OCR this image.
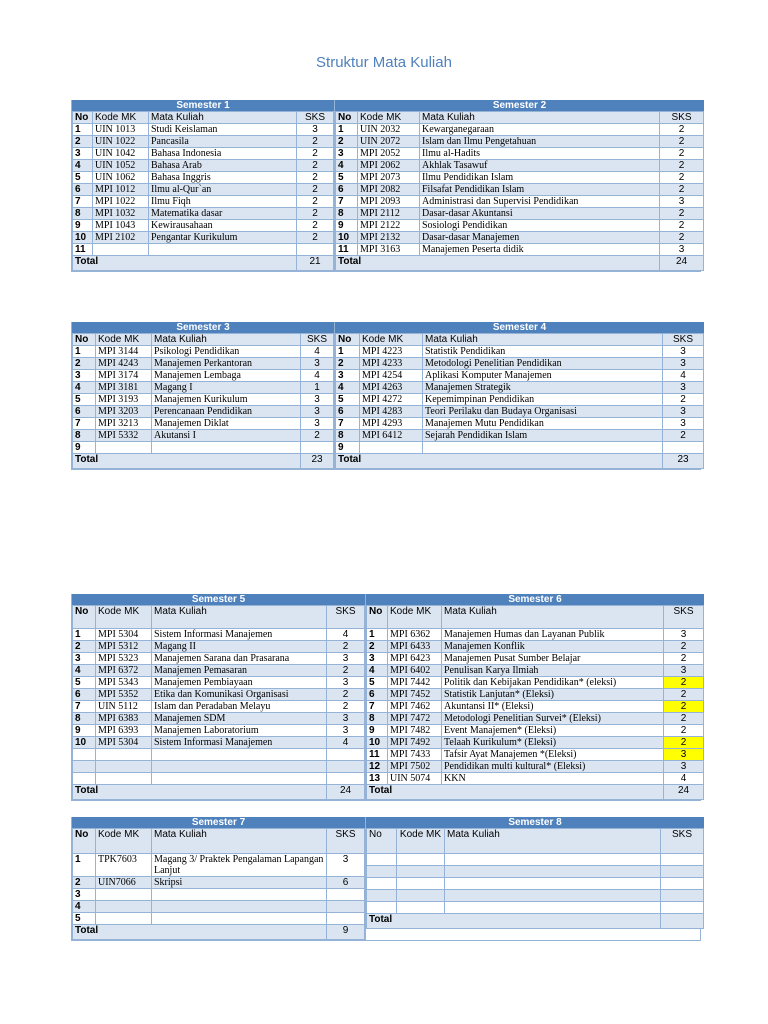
Struktur Mata Kuliah
Semester 1
No	Kode MK	Mata Kuliah	SKS
1	UIN 1013	Studi Keislaman	3
2	UIN 1022	Pancasila	2
3	UIN 1042	Bahasa Indonesia	2
4	UIN 1052	Bahasa Arab	2
5	UIN 1062	Bahasa Inggris	2
6	MPI 1012	Ilmu al-Qur`an	2
7	MPI 1022	Ilmu Fiqh	2
8	MPI 1032	Matematika dasar	2
9	MPI 1043	Kewirausahaan	2
10	MPI 2102	Pengantar Kurikulum	2
11			
Total			21
Semester 2
No	Kode MK	Mata Kuliah	SKS
1	UIN 2032	Kewarganegaraan	2
2	UIN 2072	Islam dan Ilmu Pengetahuan	2
3	MPI 2052	Ilmu al-Hadits	2
4	MPI 2062	Akhlak Tasawuf	2
5	MPI 2073	Ilmu Pendidikan Islam	2
6	MPI 2082	Filsafat Pendidikan Islam	2
7	MPI 2093	Administrasi dan Supervisi Pendidikan	3
8	MPI 2112	Dasar-dasar Akuntansi	2
9	MPI 2122	Sosiologi Pendidikan	2
10	MPI 2132	Dasar-dasar Manajemen	2
11	MPI 3163	Manajemen Peserta didik	3
Total			24
Semester 3
No	Kode MK	Mata Kuliah	SKS
1	MPI 3144	Psikologi Pendidikan	4
2	MPI 4243	Manajemen Perkantoran	3
3	MPI 3174	Manajemen Lembaga	4
4	MPI 3181	Magang I	1
5	MPI 3193	Manajemen Kurikulum	3
6	MPI 3203	Perencanaan Pendidikan	3
7	MPI 3213	Manajemen Diklat	3
8	MPI 5332	Akutansi I	2
9			
Total			23
Semester 4
No	Kode MK	Mata Kuliah	SKS
1	MPI 4223	Statistik Pendidikan	3
2	MPI 4233	Metodologi Penelitian Pendidikan	3
3	MPI 4254	Aplikasi Komputer Manajemen	4
4	MPI 4263	Manajemen Strategik	3
5	MPI 4272	Kepemimpinan Pendidikan	2
6	MPI 4283	Teori Perilaku dan Budaya Organisasi	3
7	MPI 4293	Manajemen Mutu Pendidikan	3
8	MPI 6412	Sejarah Pendidikan Islam	2
9			
Total			23
Semester 5
No	Kode MK	Mata Kuliah	SKS
1	MPI 5304	Sistem Informasi Manajemen	4
2	MPI 5312	Magang II	2
3	MPI 5323	Manajemen Sarana dan Prasarana	3
4	MPI 6372	Manajemen Pemasaran	2
5	MPI 5343	Manajemen Pembiayaan	3
6	MPI 5352	Etika dan Komunikasi Organisasi	2
7	UIN 5112	Islam dan Peradaban Melayu	2
8	MPI 6383	Manajemen SDM	3
9	MPI 6393	Manajemen Laboratorium	3
10	MPI 5304	Sistem Informasi Manajemen	4

Total			24
Semester 6
No	Kode MK	Mata Kuliah	SKS
1	MPI 6362	Manajemen Humas dan Layanan Publik	3
2	MPI 6433	Manajemen Konflik	2
3	MPI 6423	Manajemen Pusat Sumber Belajar	2
4	MPI 6402	Penulisan Karya Ilmiah	3
5	MPI 7442	Politik dan Kebijakan Pendidikan* (eleksi)	2
6	MPI 7452	Statistik Lanjutan* (Eleksi)	2
7	MPI 7462	Akuntansi II* (Eleksi)	2
8	MPI 7472	Metodologi Penelitian Survei* (Eleksi)	2
9	MPI 7482	Event Manajemen* (Eleksi)	2
10	MPI 7492	Telaah Kurikulum* (Eleksi)	2
11	MPI 7433	Tafsir Ayat Manajemen *(Eleksi)	3
12	MPI 7502	Pendidikan multi kultural* (Eleksi)	3
13	UIN 5074	KKN	4
Total			24
Semester 7
No	Kode MK	Mata Kuliah	SKS
1	TPK7603	Magang 3/ Praktek Pengalaman Lapangan Lanjut	3
2	UIN7066	Skripsi	6
3			
4			
5			
Total			9
Semester 8
No	Kode MK	Mata Kuliah	SKS

Total			
